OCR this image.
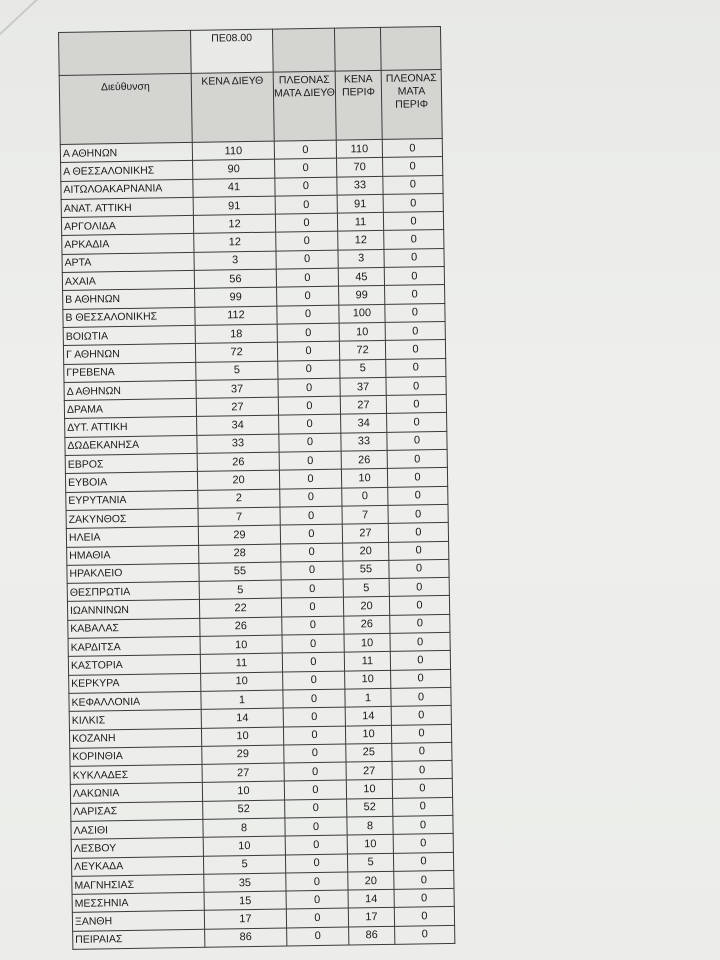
	ΠΕ08.00			
Διεύθυνση	ΚΕΝΑ ΔΙΕΥΘ	ΠΛΕΟΝΑΣ ΜΑΤΑ ΔΙΕΥΘ	ΚΕΝΑ ΠΕΡΙΦ	ΠΛΕΟΝΑΣ ΜΑΤΑ ΠΕΡΙΦ
Α ΑΘΗΝΩΝ	110	0	110	0
Α ΘΕΣΣΑΛΟΝΙΚΗΣ	90	0	70	0
ΑΙΤΩΛΟΑΚΑΡΝΑΝΙΑ	41	0	33	0
ΑΝΑΤ. ΑΤΤΙΚΗ	91	0	91	0
ΑΡΓΟΛΙΔΑ	12	0	11	0
ΑΡΚΑΔΙΑ	12	0	12	0
ΑΡΤΑ	3	0	3	0
ΑΧΑΙΑ	56	0	45	0
Β ΑΘΗΝΩΝ	99	0	99	0
Β ΘΕΣΣΑΛΟΝΙΚΗΣ	112	0	100	0
ΒΟΙΩΤΙΑ	18	0	10	0
Γ ΑΘΗΝΩΝ	72	0	72	0
ΓΡΕΒΕΝΑ	5	0	5	0
Δ ΑΘΗΝΩΝ	37	0	37	0
ΔΡΑΜΑ	27	0	27	0
ΔΥΤ. ΑΤΤΙΚΗ	34	0	34	0
ΔΩΔΕΚΑΝΗΣΑ	33	0	33	0
ΕΒΡΟΣ	26	0	26	0
ΕΥΒΟΙΑ	20	0	10	0
ΕΥΡΥΤΑΝΙΑ	2	0	0	0
ΖΑΚΥΝΘΟΣ	7	0	7	0
ΗΛΕΙΑ	29	0	27	0
ΗΜΑΘΙΑ	28	0	20	0
ΗΡΑΚΛΕΙΟ	55	0	55	0
ΘΕΣΠΡΩΤΙΑ	5	0	5	0
ΙΩΑΝΝΙΝΩΝ	22	0	20	0
ΚΑΒΑΛΑΣ	26	0	26	0
ΚΑΡΔΙΤΣΑ	10	0	10	0
ΚΑΣΤΟΡΙΑ	11	0	11	0
ΚΕΡΚΥΡΑ	10	0	10	0
ΚΕΦΑΛΛΟΝΙΑ	1	0	1	0
ΚΙΛΚΙΣ	14	0	14	0
ΚΟΖΑΝΗ	10	0	10	0
ΚΟΡΙΝΘΙΑ	29	0	25	0
ΚΥΚΛΑΔΕΣ	27	0	27	0
ΛΑΚΩΝΙΑ	10	0	10	0
ΛΑΡΙΣΑΣ	52	0	52	0
ΛΑΣΙΘΙ	8	0	8	0
ΛΕΣΒΟΥ	10	0	10	0
ΛΕΥΚΑΔΑ	5	0	5	0
ΜΑΓΝΗΣΙΑΣ	35	0	20	0
ΜΕΣΣΗΝΙΑ	15	0	14	0
ΞΑΝΘΗ	17	0	17	0
ΠΕΙΡΑΙΑΣ	86	0	86	0
